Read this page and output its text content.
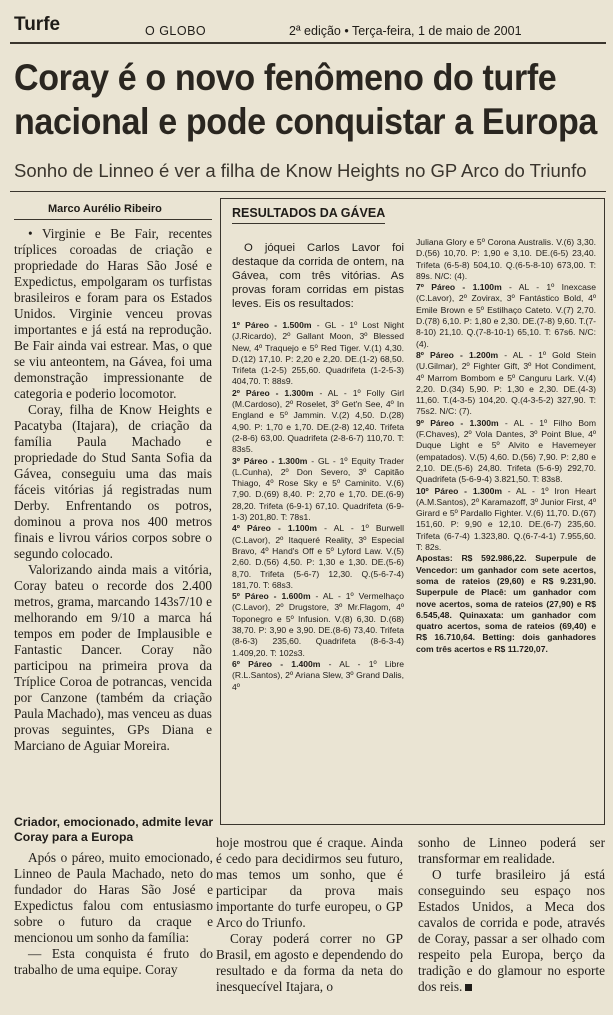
Turfe	O GLOBO	2ª edição • Terça-feira, 1 de maio de 2001
Coray é o novo fenômeno do turfe
nacional e pode conquistar a Europa
Sonho de Linneo é ver a filha de Know Heights no GP Arco do Triunfo
Marco Aurélio Ribeiro

• Virginie e Be Fair, recentes tríplices coroadas de criação e propriedade do Haras São José e Expedictus, empolgaram os turfistas brasileiros e foram para os Estados Unidos. Virginie venceu provas importantes e já está na reprodução. Be Fair ainda vai estrear. Mas, o que se viu anteontem, na Gávea, foi uma demonstração impressionante de categoria e poderio locomotor.

Coray, filha de Know Heights e Pacatyba (Itajara), de criação da família Paula Machado e propriedade do Stud Santa Sofia da Gávea, conseguiu uma das mais fáceis vitórias já registradas num Derby. Enfrentando os potros, dominou a prova nos 400 metros finais e livrou vários corpos sobre o segundo colocado.

Valorizando ainda mais a vitória, Coray bateu o recorde dos 2.400 metros, grama, marcando 143s7/10 e melhorando em 9/10 a marca há tempos em poder de Implausible e Fantastic Dancer. Coray não participou na primeira prova da Tríplice Coroa de potrancas, vencida por Canzone (também da criação Paula Machado), mas venceu as duas provas seguintes, GPs Diana e Marciano de Aguiar Moreira.

RESULTADOS DA GÁVEA
O jóquei Carlos Lavor foi destaque da corrida de ontem, na Gávea, com três vitórias. As provas foram corridas em pistas leves. Eis os resultados:

1º Páreo - 1.500m - GL - 1º Lost Night (J.Ricardo), 2º Gallant Moon, 3º Blessed New, 4º Traquejo e 5º Red Tiger. V.(1) 4,30. D.(12) 17,10. P: 2,20 e 2,20. DE.(1-2) 68,50. Trifeta (1-2-5) 255,60. Quadrifeta (1-2-5-3) 404,70. T: 88s9.

2º Páreo - 1.300m - AL - 1º Folly Girl (M.Cardoso), 2º Roselet, 3º Get'n See, 4º In England e 5º Jammin. V.(2) 4,50. D.(28) 4,90. P: 1,70 e 1,70. DE.(2-8) 12,40. Trifeta (2-8-6) 63,00. Quadrifeta (2-8-6-7) 110,70. T: 83s5.

3º Páreo - 1.300m - GL - 1º Equity Trader (L.Cunha), 2º Don Severo, 3º Capitão Thiago, 4º Rose Sky e 5º Caminito. V.(6) 7,90. D.(69) 8,40. P: 2,70 e 1,70. DE.(6-9) 28,20. Trifeta (6-9-1) 67,10. Quadrifeta (6-9-1-3) 201,80. T: 78s1.

4º Páreo - 1.100m - AL - 1º Burwell (C.Lavor), 2º Itaqueré Reality, 3º Especial Bravo, 4º Hand's Off e 5º Lyford Law. V.(5) 2,60. D.(56) 4,50. P: 1,30 e 1,30. DE.(5-6) 8,70. Trifeta (5-6-7) 12,30. Q.(5-6-7-4) 181,70. T: 68s3.

5º Páreo - 1.600m - AL - 1º Vermelhaço (C.Lavor), 2º Drugstore, 3º Mr.Flagom, 4º Toponegro e 5º Infusion. V.(8) 6,30. D.(68) 38,70. P: 3,90 e 3,90. DE.(8-6) 73,40. Trifeta (8-6-3) 235,60. Quadrifeta (8-6-3-4) 1.409,20. T: 102s3.

6º Páreo - 1.400m - AL - 1º Libre (R.L.Santos), 2º Ariana Slew, 3º Grand Dalis, 4º

Juliana Glory e 5º Corona Australis. V.(6) 3,30. D.(56) 10,70. P: 1,90 e 3,10. DE.(6-5) 23,40. Trifeta (6-5-8) 504,10. Q.(6-5-8-10) 673,00. T: 89s. N/C: (4).

7º Páreo - 1.100m - AL - 1º Inexcase (C.Lavor), 2º Zovirax, 3º Fantástico Bold, 4º Emile Brown e 5º Estilhaço Cateto. V.(7) 2,70. D.(78) 6,10. P: 1,80 e 2,30. DE.(7-8) 9,60. T.(7-8-10) 21,10. Q.(7-8-10-1) 65,10. T: 67s6. N/C: (4).

8º Páreo - 1.200m - AL - 1º Gold Stein (U.Gilmar), 2º Fighter Gift, 3º Hot Condiment, 4º Marrom Bombom e 5º Canguru Lark. V.(4) 2,20. D.(34) 5,90. P: 1,30 e 2,30. DE.(4-3) 11,60. T.(4-3-5) 104,20. Q.(4-3-5-2) 327,90. T: 75s2. N/C: (7).

9º Páreo - 1.300m - AL - 1º Filho Bom (F.Chaves), 2º Vola Dantes, 3º Point Blue, 4º Duque Light e 5º Alvito e Havemeyer (empatados). V.(5) 4,60. D.(56) 7,90. P: 2,80 e 2,10. DE.(5-6) 24,80. Trifeta (5-6-9) 292,70. Quadrifeta (5-6-9-4) 3.821,50. T: 83s8.

10º Páreo - 1.300m - AL - 1º Iron Heart (A.M.Santos), 2º Karamazoff, 3º Junior First, 4º Girard e 5º Pardallo Fighter. V.(6) 11,70. D.(67) 151,60. P: 9,90 e 12,10. DE.(6-7) 235,60. Trifeta (6-7-4) 1.323,80. Q.(6-7-4-1) 7.955,60. T: 82s.

Apostas: R$ 592.986,22. Superpule de Vencedor: um ganhador com sete acertos, soma de rateios (29,60) e R$ 9.231,90. Superpule de Placê: um ganhador com nove acertos, soma de rateios (27,90) e R$ 6.545,48. Quinaxata: um ganhador com quatro acertos, soma de rateios (69,40) e R$ 16.710,64. Betting: dois ganhadores com três acertos e R$ 11.720,07.

Criador, emocionado, admite levar Coray para a Europa

Após o páreo, muito emocionado, Linneo de Paula Machado, neto do fundador do Haras São José e Expedictus falou com entusiasmo sobre o futuro da craque e mencionou um sonho da família:

— Esta conquista é fruto do trabalho de uma equipe. Coray

hoje mostrou que é craque. Ainda é cedo para decidirmos seu futuro, mas temos um sonho, que é participar da prova mais importante do turfe europeu, o GP Arco do Triunfo.

Coray poderá correr no GP Brasil, em agosto e dependendo do resultado e da forma da neta do inesquecível Itajara, o

sonho de Linneo poderá ser transformar em realidade.

O turfe brasileiro já está conseguindo seu espaço nos Estados Unidos, a Meca dos cavalos de corrida e pode, através de Coray, passar a ser olhado com respeito pela Europa, berço da tradição e do glamour no esporte dos reis.
